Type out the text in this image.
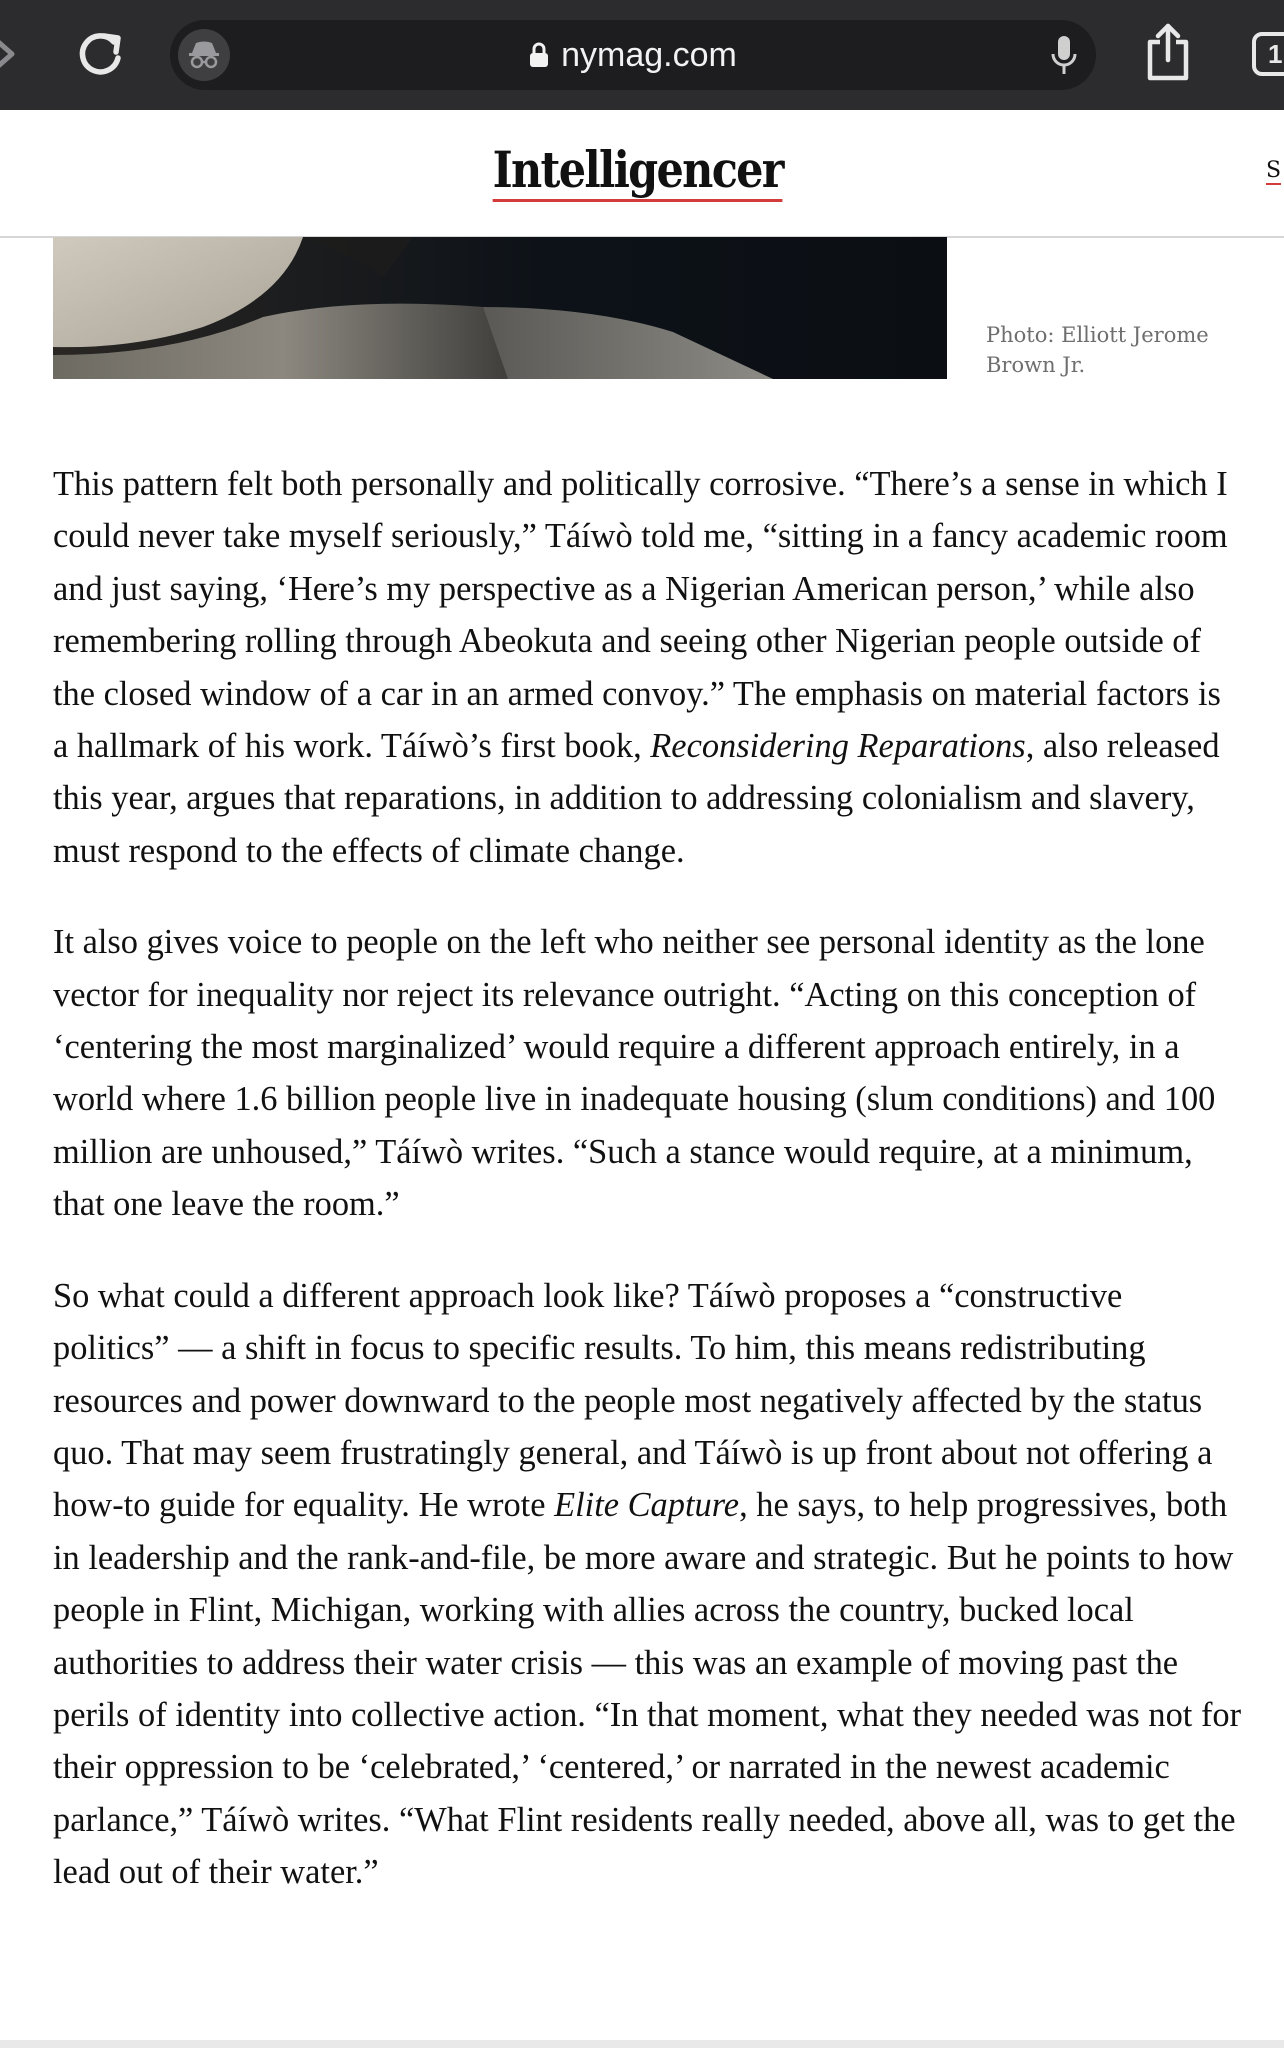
nymag.com	1
Intelligencer	S
Photo: Elliott Jerome
Brown Jr.

This pattern felt both personally and politically corrosive. “There’s a sense in which I could never take myself seriously,” Táíwò told me, “sitting in a fancy academic room and just saying, ‘Here’s my perspective as a Nigerian American person,’ while also remembering rolling through Abeokuta and seeing other Nigerian people outside of the closed window of a car in an armed convoy.” The emphasis on material factors is a hallmark of his work. Táíwò’s first book, Reconsidering Reparations, also released this year, argues that reparations, in addition to addressing colonialism and slavery, must respond to the effects of climate change.

It also gives voice to people on the left who neither see personal identity as the lone vector for inequality nor reject its relevance outright. “Acting on this conception of ‘centering the most marginalized’ would require a different approach entirely, in a world where 1.6 billion people live in inadequate housing (slum conditions) and 100 million are unhoused,” Táíwò writes. “Such a stance would require, at a minimum, that one leave the room.”

So what could a different approach look like? Táíwò proposes a “constructive politics” — a shift in focus to specific results. To him, this means redistributing resources and power downward to the people most negatively affected by the status quo. That may seem frustratingly general, and Táíwò is up front about not offering a how-to guide for equality. He wrote Elite Capture, he says, to help progressives, both in leadership and the rank-and-file, be more aware and strategic. But he points to how people in Flint, Michigan, working with allies across the country, bucked local authorities to address their water crisis — this was an example of moving past the perils of identity into collective action. “In that moment, what they needed was not for their oppression to be ‘celebrated,’ ‘centered,’ or narrated in the newest academic parlance,” Táíwò writes. “What Flint residents really needed, above all, was to get the lead out of their water.”
